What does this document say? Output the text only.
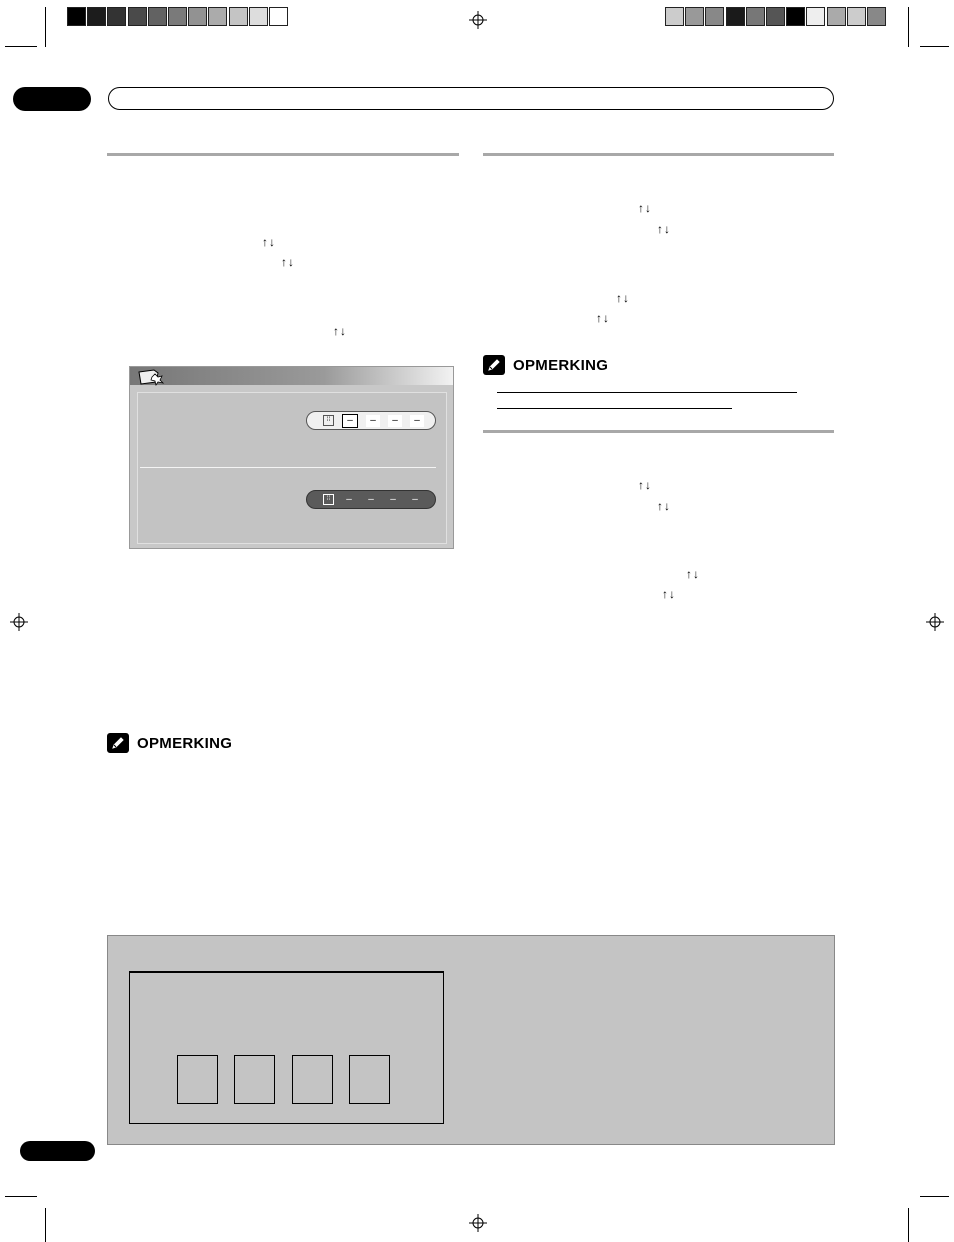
↑↓
↑↓
↑↓
↑↓
↑↓
↑↓
↑↓
↑↓
↑↓
↑↓
↑↓
⁞⁞	–	–	–	–
⁞⁞	–	–	–	–
OPMERKING
OPMERKING
